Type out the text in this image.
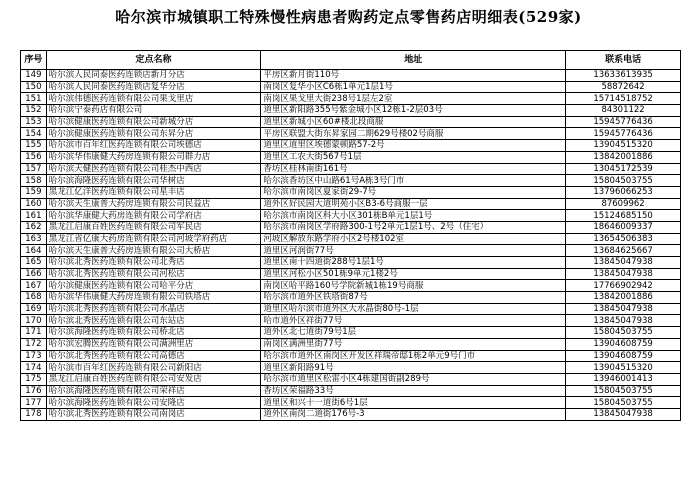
哈尔滨市城镇职工特殊慢性病患者购药定点零售药店明细表(529家)
序号	定点名称	地址	联系电话
149	哈尔滨人民同泰医药连锁店新月分店	平房区新月街110号	13633613935
150	哈尔滨人民同泰医药连锁店复华分店	南岗区复华小区C6栋1单元1层1号	58872642
151	哈尔滨伟德医药连锁有限公司果戈里店	南岗区果戈里大街238号1层左2室	15714518752
152	哈尔滨宁泰药店有限公司	道里区新阳路355号紫金城小区12栋1-2层03号	84301122
153	哈尔滨健康医药连锁有限公司新城分店	道里区新城小区60#楼北段商服	15945776436
154	哈尔滨健康医药连锁有限公司东昇分店	平房区联盟大街东昇家园二期629号楼02号商服	15945776436
155	哈尔滨市百年红医药连锁有限公司埃德店	道里区道里区埃德蒙顿路57-2号	13904515320
156	哈尔滨华伟康健大药房连锁有限公司群力店	道里区工农大街567号1层	13842001886
157	哈尔滨天健医药连锁有限公司桂杰中西店	香坊区桂林南街161号	13045172539
158	哈尔滨海隆医药连锁有限公司华树店	哈尔滨香坊区中山路61号A栋3号门市	15804503755
159	黑龙江亿洋医药连锁有限公司星丰店	哈尔滨市南岗区夏家街29-7号	13796066253
160	哈尔滨天生康普大药房连锁有限公司民益店	道外区好民园大道明苑小区B3-6号商服一层	87609962
161	哈尔滨华康健大药房连锁有限公司学府店	哈尔滨市南岗区科大小区301栋B单元1层1号	15124685150
162	黑龙江启康百姓医药连锁有限公司军民店	哈尔滨市南岗区学府路300-1号2单元1层1号、2号（住宅）	18646009337
163	黑龙江省亿康大药房连锁有限公司河坡学府药店	河坡区解放东路学府小区2号楼102室	13654506383
164	哈尔滨天生康普大药房连锁有限公司大桥店	道里区河润街77号	13684625667
165	哈尔滨北秀医药连锁有限公司北秀店	道里区南十四道街288号1层1号	13845047938
166	哈尔滨北秀医药连锁有限公司河松店	道里区河松小区501栋9单元1楼2号	13845047938
167	哈尔滨健康医药连锁有限公司哈平分店	南岗区哈平路160号学院新城1栋19号商服	17766902942
168	哈尔滨华伟康健大药房连锁有限公司铁塔店	哈尔滨市道外区铁塔街87号	13842001886
169	哈尔滨北秀医药连锁有限公司水晶店	道里区哈尔滨市道外区大水晶街80号-1层	13845047938
170	哈尔滨北秀医药连锁有限公司东站店	哈市道外区祥街77号	13845047938
171	哈尔滨海隆医药连锁有限公司桥北店	道外区北七道街79号1层	15804503755
172	哈尔滨宏腾医药连锁有限公司满洲里店	南岗区满洲里街77号	13904608759
173	哈尔滨北秀医药连锁有限公司高德店	哈尔滨市道外区南岗区开发区祥瑞帝邸1栋2单元9号门市	13904608759
174	哈尔滨市百年红医药连锁有限公司新阳店	道里区新阳路91号	13904515320
175	黑龙江启康百姓医药连锁有限公司安发店	哈尔滨市道里区松雷小区4栋建国街副289号	13946001413
176	哈尔滨海隆医药连锁有限公司荣祥店	香坊区荣福路33号	15804503755
177	哈尔滨海隆医药连锁有限公司安隆店	道里区和兴十一道街6号1层	15804503755
178	哈尔滨北秀医药连锁有限公司南岗店	道外区南岗二道街176号-3	13845047938
